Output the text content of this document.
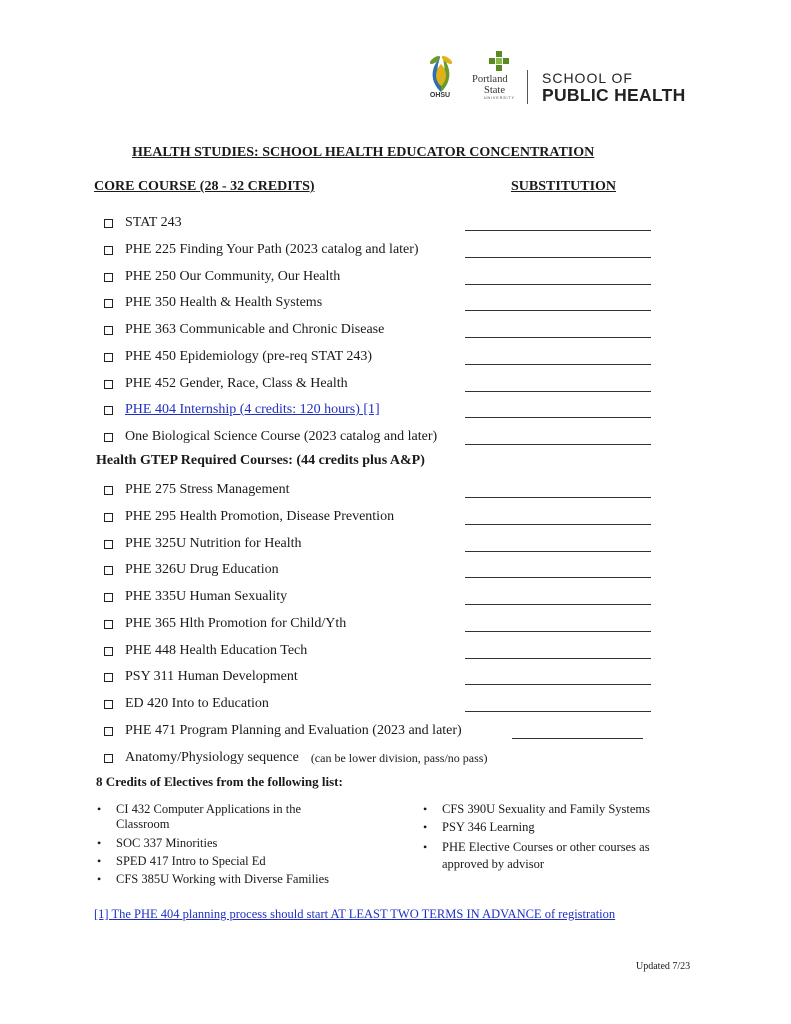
OHSU
Portland
State
UNIVERSITY
SCHOOL OF
PUBLIC HEALTH
HEALTH STUDIES: SCHOOL HEALTH EDUCATOR CONCENTRATION
CORE COURSE (28 - 32 CREDITS)	SUBSTITUTION
STAT 243
PHE 225 Finding Your Path (2023 catalog and later)
PHE 250 Our Community, Our Health
PHE 350 Health & Health Systems
PHE 363 Communicable and Chronic Disease
PHE 450 Epidemiology (pre-req STAT 243)
PHE 452 Gender, Race, Class & Health
PHE 404 Internship (4 credits: 120 hours) [1]
One Biological Science Course (2023 catalog and later)
Health GTEP Required Courses: (44 credits plus A&P)
PHE 275 Stress Management
PHE 295 Health Promotion, Disease Prevention
PHE 325U Nutrition for Health
PHE 326U Drug Education
PHE 335U Human Sexuality
PHE 365 Hlth Promotion for Child/Yth
PHE 448 Health Education Tech
PSY 311 Human Development
ED 420 Into to Education
PHE 471 Program Planning and Evaluation (2023 and later)
Anatomy/Physiology sequence (can be lower division, pass/no pass)
8 Credits of Electives from the following list:
• CI 432 Computer Applications in the Classroom
• SOC 337 Minorities
• SPED 417 Intro to Special Ed
• CFS 385U Working with Diverse Families
• CFS 390U Sexuality and Family Systems
• PSY 346 Learning
• PHE Elective Courses or other courses as approved by advisor
[1] The PHE 404 planning process should start AT LEAST TWO TERMS IN ADVANCE of registration
Updated 7/23
